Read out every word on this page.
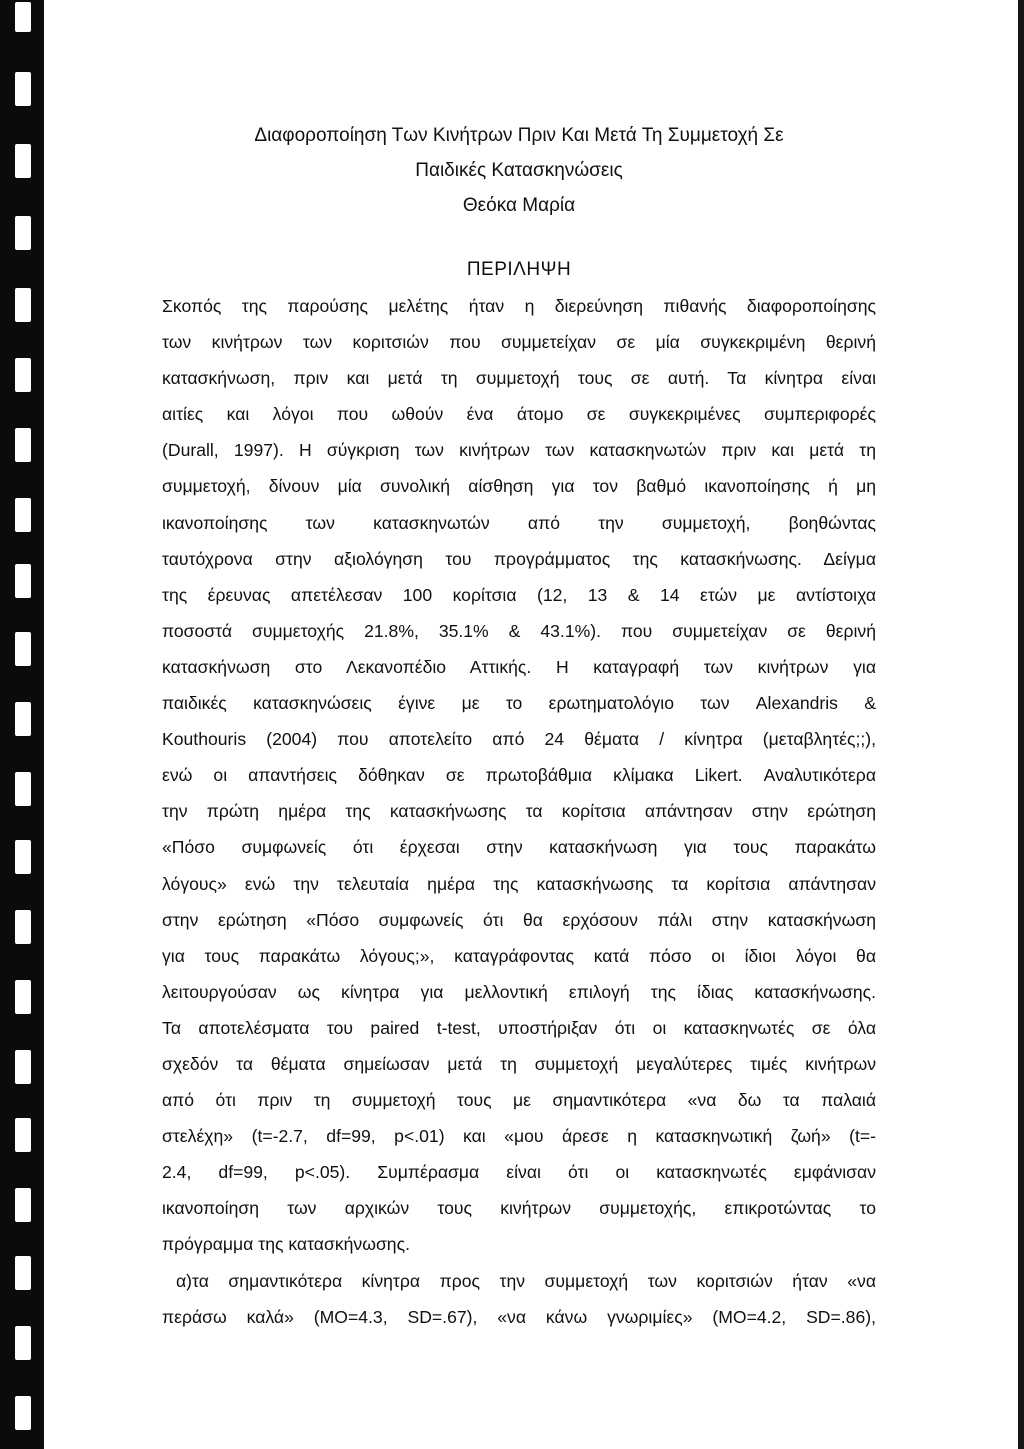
Διαφοροποίηση Των Κινήτρων Πριν Και Μετά Τη Συμμετοχή Σε
Παιδικές Κατασκηνώσεις
Θεόκα Μαρία
ΠΕΡΙΛΗΨΗ
Σκοπός της παρούσης μελέτης ήταν η διερεύνηση πιθανής διαφοροποίησης
των κινήτρων των κοριτσιών που συμμετείχαν σε μία συγκεκριμένη θερινή
κατασκήνωση, πριν και μετά τη συμμετοχή τους σε αυτή. Τα κίνητρα είναι
αιτίες και λόγοι που ωθούν ένα άτομο σε συγκεκριμένες συμπεριφορές
(Durall, 1997). Η σύγκριση των κινήτρων των κατασκηνωτών πριν και μετά τη
συμμετοχή, δίνουν μία συνολική αίσθηση για τον βαθμό ικανοποίησης ή μη
ικανοποίησης των κατασκηνωτών από την συμμετοχή, βοηθώντας
ταυτόχρονα στην αξιολόγηση του προγράμματος της κατασκήνωσης. Δείγμα
της έρευνας απετέλεσαν 100 κορίτσια (12, 13 & 14 ετών με αντίστοιχα
ποσοστά συμμετοχής 21.8%, 35.1% & 43.1%). που συμμετείχαν σε θερινή
κατασκήνωση στο Λεκανοπέδιο Αττικής. Η καταγραφή των κινήτρων για
παιδικές κατασκηνώσεις έγινε με το ερωτηματολόγιο των Alexandris &
Kouthouris (2004) που αποτελείτο από 24 θέματα / κίνητρα (μεταβλητές;;),
ενώ οι απαντήσεις δόθηκαν σε πρωτοβάθμια κλίμακα Likert. Αναλυτικότερα
την πρώτη ημέρα της κατασκήνωσης τα κορίτσια απάντησαν στην ερώτηση
«Πόσο συμφωνείς ότι έρχεσαι στην κατασκήνωση για τους παρακάτω
λόγους» ενώ την τελευταία ημέρα της κατασκήνωσης τα κορίτσια απάντησαν
στην ερώτηση «Πόσο συμφωνείς ότι θα ερχόσουν πάλι στην κατασκήνωση
για τους παρακάτω λόγους;», καταγράφοντας κατά πόσο οι ίδιοι λόγοι θα
λειτουργούσαν ως κίνητρα για μελλοντική επιλογή της ίδιας κατασκήνωσης.
Τα αποτελέσματα του paired t-test, υποστήριξαν ότι οι κατασκηνωτές σε όλα
σχεδόν τα θέματα σημείωσαν μετά τη συμμετοχή μεγαλύτερες τιμές κινήτρων
από ότι πριν τη συμμετοχή τους με σημαντικότερα «να δω τα παλαιά
στελέχη» (t=-2.7, df=99, p<.01) και «μου άρεσε η κατασκηνωτική ζωή» (t=-
2.4, df=99, p<.05). Συμπέρασμα είναι ότι οι κατασκηνωτές εμφάνισαν
ικανοποίηση των αρχικών τους κινήτρων συμμετοχής, επικροτώντας το
πρόγραμμα της κατασκήνωσης.
α)τα σημαντικότερα κίνητρα προς την συμμετοχή των κοριτσιών ήταν «να
περάσω καλά» (MO=4.3, SD=.67), «να κάνω γνωριμίες» (MO=4.2, SD=.86),
